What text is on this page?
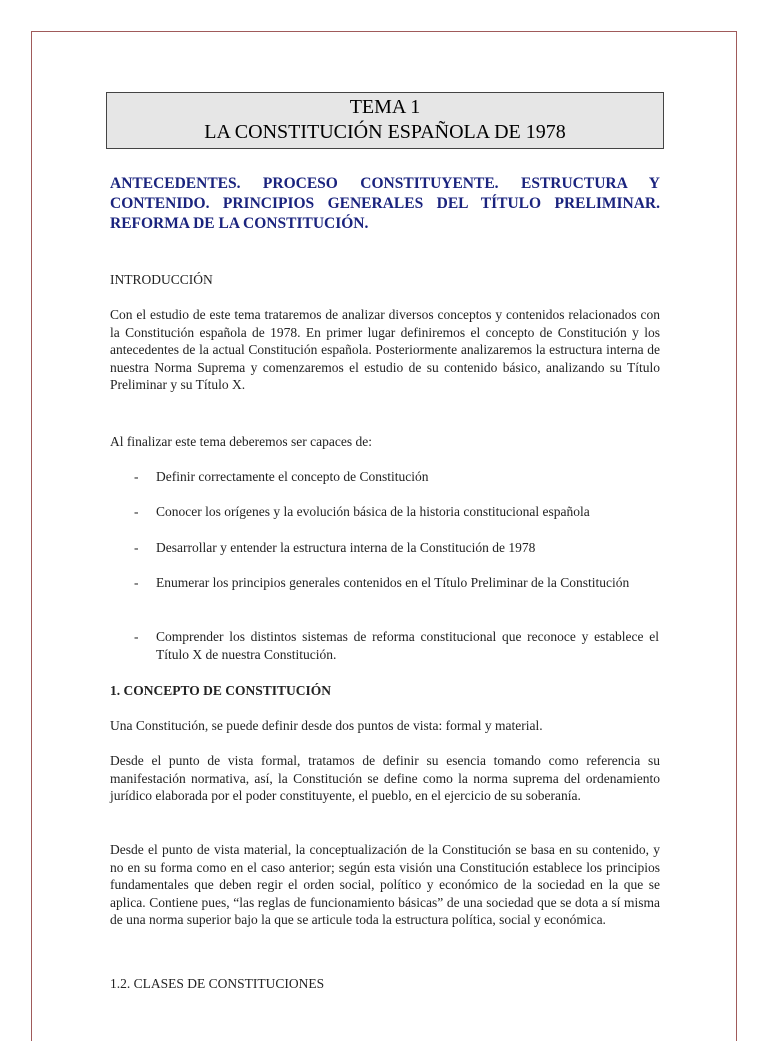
TEMA 1
LA CONSTITUCIÓN ESPAÑOLA DE 1978
ANTECEDENTES. PROCESO CONSTITUYENTE. ESTRUCTURA Y CONTENIDO. PRINCIPIOS GENERALES DEL TÍTULO PRELIMINAR. REFORMA DE LA CONSTITUCIÓN.
INTRODUCCIÓN
Con el estudio de este tema trataremos de analizar diversos conceptos y contenidos relacionados con la Constitución española de 1978. En primer lugar definiremos el concepto de Constitución y los antecedentes de la actual Constitución española. Posteriormente analizaremos la estructura interna de nuestra Norma Suprema y comenzaremos el estudio de su contenido básico, analizando su Título Preliminar y su Título X.
Al finalizar este tema deberemos ser capaces de:
- Definir correctamente el concepto de Constitución
- Conocer los orígenes y la evolución básica de la historia constitucional española
- Desarrollar y entender la estructura interna de la Constitución de 1978
- Enumerar los principios generales contenidos en el Título Preliminar de la Constitución
- Comprender los distintos sistemas de reforma constitucional que reconoce y establece el Título X de nuestra Constitución.
1. CONCEPTO DE CONSTITUCIÓN
Una Constitución, se puede definir desde dos puntos de vista: formal y material.
Desde el punto de vista formal, tratamos de definir su esencia tomando como referencia su manifestación normativa, así, la Constitución se define como la norma suprema del ordenamiento jurídico elaborada por el poder constituyente, el pueblo, en el ejercicio de su soberanía.
Desde el punto de vista material, la conceptualización de la Constitución se basa en su contenido, y no en su forma como en el caso anterior; según esta visión una Constitución establece los principios fundamentales que deben regir el orden social, político y económico de la sociedad en la que se aplica. Contiene pues, “las reglas de funcionamiento básicas” de una sociedad que se dota a sí misma de una norma superior bajo la que se articule toda la estructura política, social y económica.
1.2. CLASES DE CONSTITUCIONES
